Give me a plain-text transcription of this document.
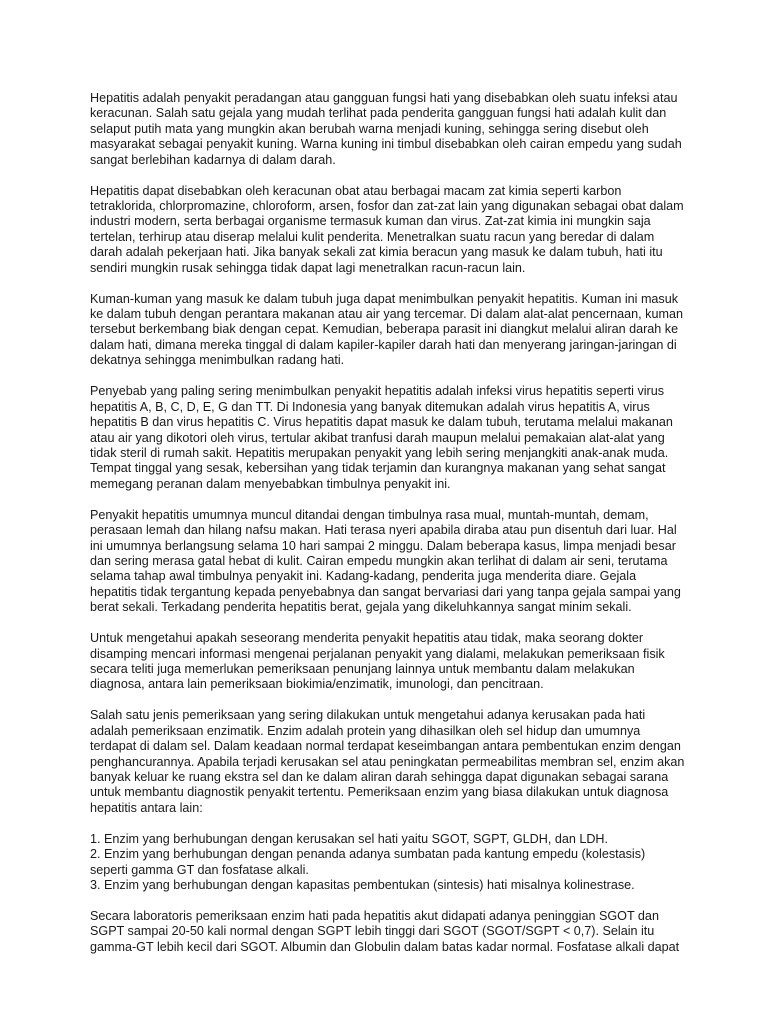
Hepatitis adalah penyakit peradangan atau gangguan fungsi hati yang disebabkan oleh suatu infeksi atau keracunan. Salah satu gejala yang mudah terlihat pada penderita gangguan fungsi hati adalah kulit dan selaput putih mata yang mungkin akan berubah warna menjadi kuning, sehingga sering disebut oleh masyarakat sebagai penyakit kuning. Warna kuning ini timbul disebabkan oleh cairan empedu yang sudah sangat berlebihan kadarnya di dalam darah.

Hepatitis dapat disebabkan oleh keracunan obat atau berbagai macam zat kimia seperti karbon tetraklorida, chlorpromazine, chloroform, arsen, fosfor dan zat-zat lain yang digunakan sebagai obat dalam industri modern, serta berbagai organisme termasuk kuman dan virus. Zat-zat kimia ini mungkin saja tertelan, terhirup atau diserap melalui kulit penderita. Menetralkan suatu racun yang beredar di dalam darah adalah pekerjaan hati. Jika banyak sekali zat kimia beracun yang masuk ke dalam tubuh, hati itu sendiri mungkin rusak sehingga tidak dapat lagi menetralkan racun-racun lain.

Kuman-kuman yang masuk ke dalam tubuh juga dapat menimbulkan penyakit hepatitis. Kuman ini masuk ke dalam tubuh dengan perantara makanan atau air yang tercemar. Di dalam alat-alat pencernaan, kuman tersebut berkembang biak dengan cepat. Kemudian, beberapa parasit ini diangkut melalui aliran darah ke dalam hati, dimana mereka tinggal di dalam kapiler-kapiler darah hati dan menyerang jaringan-jaringan di dekatnya sehingga menimbulkan radang hati.

Penyebab yang paling sering menimbulkan penyakit hepatitis adalah infeksi virus hepatitis seperti virus hepatitis A, B, C, D, E, G dan TT. Di Indonesia yang banyak ditemukan adalah virus hepatitis A, virus hepatitis B dan virus hepatitis C. Virus hepatitis dapat masuk ke dalam tubuh, terutama melalui makanan atau air yang dikotori oleh virus, tertular akibat tranfusi darah maupun melalui pemakaian alat-alat yang tidak steril di rumah sakit. Hepatitis merupakan penyakit yang lebih sering menjangkiti anak-anak muda. Tempat tinggal yang sesak, kebersihan yang tidak terjamin dan kurangnya makanan yang sehat sangat memegang peranan dalam menyebabkan timbulnya penyakit ini.

Penyakit hepatitis umumnya muncul ditandai dengan timbulnya rasa mual, muntah-muntah, demam, perasaan lemah dan hilang nafsu makan. Hati terasa nyeri apabila diraba atau pun disentuh dari luar. Hal ini umumnya berlangsung selama 10 hari sampai 2 minggu. Dalam beberapa kasus, limpa menjadi besar dan sering merasa gatal hebat di kulit. Cairan empedu mungkin akan terlihat di dalam air seni, terutama selama tahap awal timbulnya penyakit ini. Kadang-kadang, penderita juga menderita diare. Gejala hepatitis tidak tergantung kepada penyebabnya dan sangat bervariasi dari yang tanpa gejala sampai yang berat sekali. Terkadang penderita hepatitis berat, gejala yang dikeluhkannya sangat minim sekali.

Untuk mengetahui apakah seseorang menderita penyakit hepatitis atau tidak, maka seorang dokter disamping mencari informasi mengenai perjalanan penyakit yang dialami, melakukan pemeriksaan fisik secara teliti juga memerlukan pemeriksaan penunjang lainnya untuk membantu dalam melakukan diagnosa, antara lain pemeriksaan biokimia/enzimatik, imunologi, dan pencitraan.

Salah satu jenis pemeriksaan yang sering dilakukan untuk mengetahui adanya kerusakan pada hati adalah pemeriksaan enzimatik. Enzim adalah protein yang dihasilkan oleh sel hidup dan umumnya terdapat di dalam sel. Dalam keadaan normal terdapat keseimbangan antara pembentukan enzim dengan penghancurannya. Apabila terjadi kerusakan sel atau peningkatan permeabilitas membran sel, enzim akan banyak keluar ke ruang ekstra sel dan ke dalam aliran darah sehingga dapat digunakan sebagai sarana untuk membantu diagnostik penyakit tertentu. Pemeriksaan enzim yang biasa dilakukan untuk diagnosa hepatitis antara lain:

1. Enzim yang berhubungan dengan kerusakan sel hati yaitu SGOT, SGPT, GLDH, dan LDH.
2. Enzim yang berhubungan dengan penanda adanya sumbatan pada kantung empedu (kolestasis) seperti gamma GT dan fosfatase alkali.
3. Enzim yang berhubungan dengan kapasitas pembentukan (sintesis) hati misalnya kolinestrase.

Secara laboratoris pemeriksaan enzim hati pada hepatitis akut didapati adanya peninggian SGOT dan SGPT sampai 20-50 kali normal dengan SGPT lebih tinggi dari SGOT (SGOT/SGPT < 0,7). Selain itu gamma-GT lebih kecil dari SGOT. Albumin dan Globulin dalam batas kadar normal. Fosfatase alkali dapat
